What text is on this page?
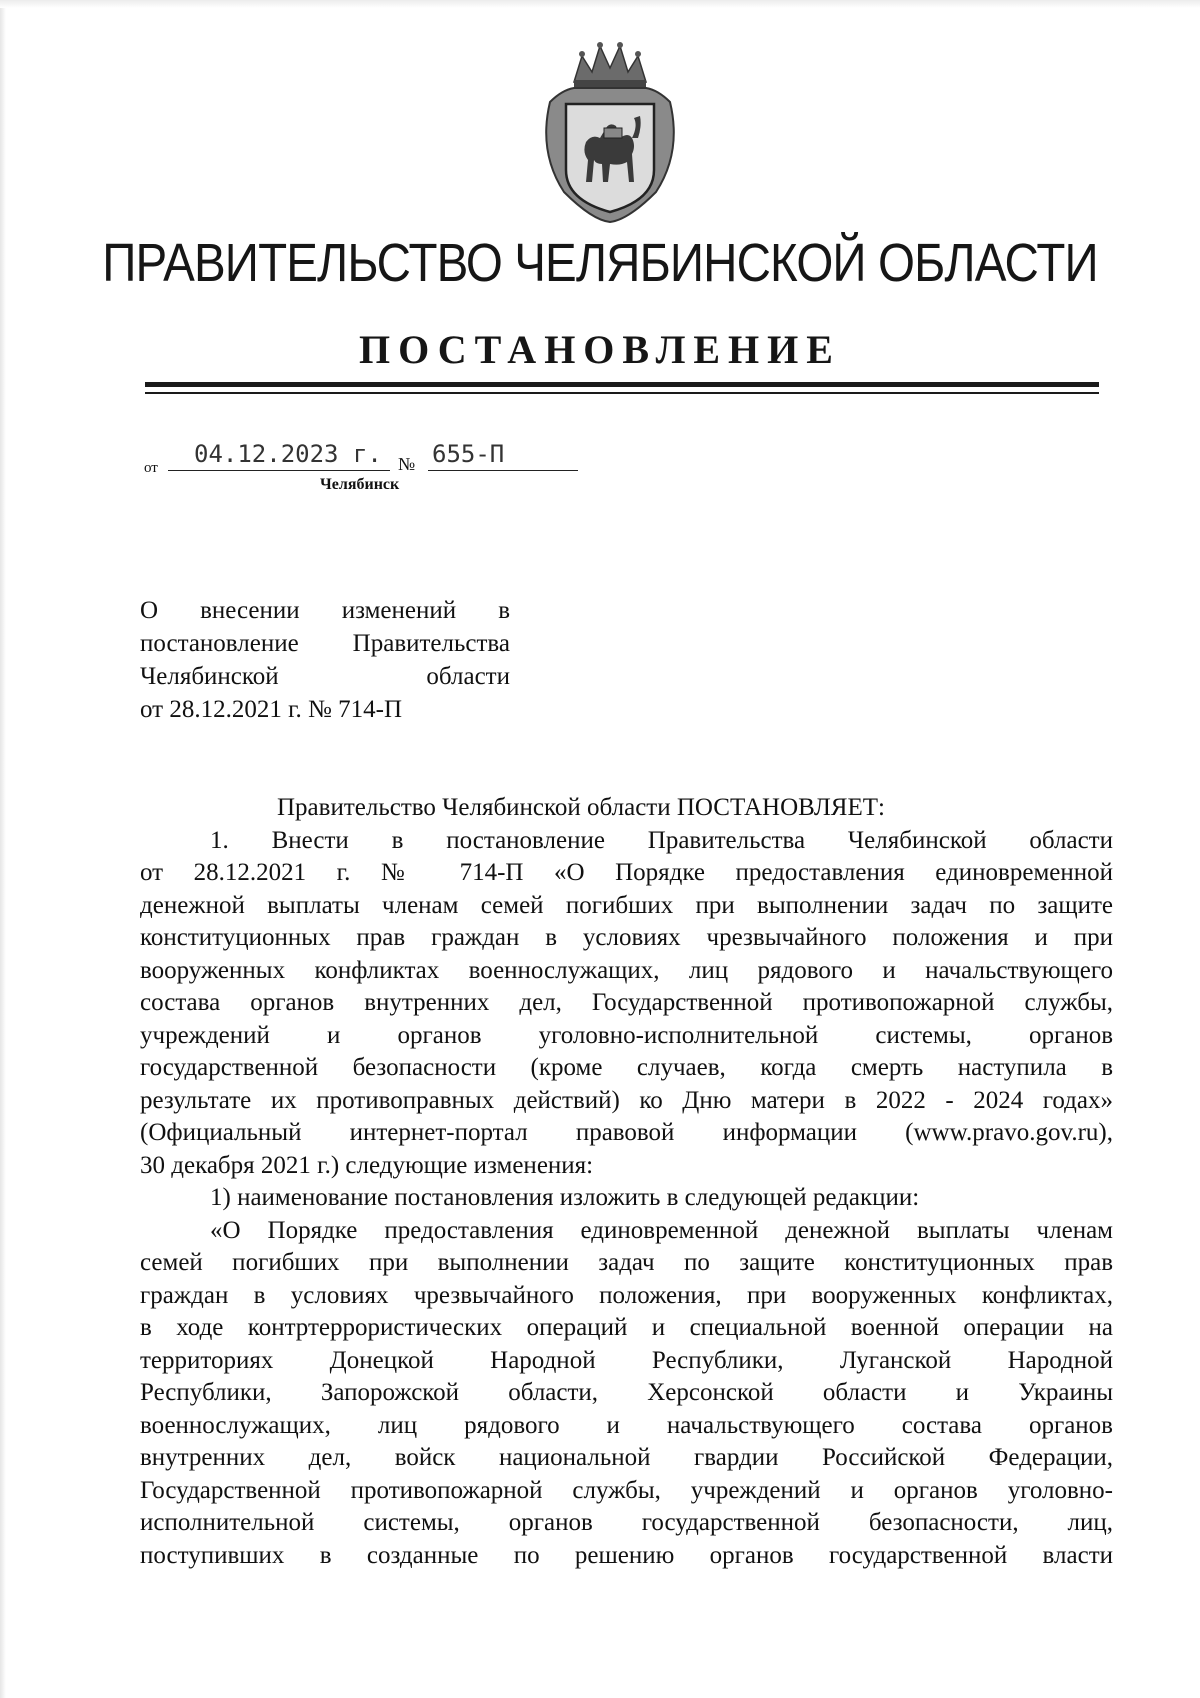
ПРАВИТЕЛЬСТВО ЧЕЛЯБИНСКОЙ ОБЛАСТИ
ПОСТАНОВЛЕНИЕ
от 04.12.2023 г. № 655-П
Челябинск
О внесении изменений в
постановление Правительства
Челябинской	области
от 28.12.2021 г. № 714-П
Правительство Челябинской области ПОСТАНОВЛЯЕТ:
1. Внести в постановление Правительства Челябинской области
от 28.12.2021 г. № 714-П «О Порядке предоставления единовременной
денежной выплаты членам семей погибших при выполнении задач по защите
конституционных прав граждан в условиях чрезвычайного положения и при
вооруженных конфликтах военнослужащих, лиц рядового и начальствующего
состава органов внутренних дел, Государственной противопожарной службы,
учреждений и органов уголовно-исполнительной системы, органов
государственной безопасности (кроме случаев, когда смерть наступила в
результате их противоправных действий) ко Дню матери в 2022 - 2024 годах»
(Официальный интернет-портал правовой информации (www.pravo.gov.ru),
30 декабря 2021 г.) следующие изменения:
1) наименование постановления изложить в следующей редакции:
«О Порядке предоставления единовременной денежной выплаты членам
семей погибших при выполнении задач по защите конституционных прав
граждан в условиях чрезвычайного положения, при вооруженных конфликтах,
в ходе контртеррористических операций и специальной военной операции на
территориях Донецкой Народной Республики, Луганской Народной
Республики, Запорожской области, Херсонской области и Украины
военнослужащих, лиц рядового и начальствующего состава органов
внутренних дел, войск национальной гвардии Российской Федерации,
Государственной противопожарной службы, учреждений и органов уголовно-
исполнительной системы, органов государственной безопасности, лиц,
поступивших в созданные по решению органов государственной власти
